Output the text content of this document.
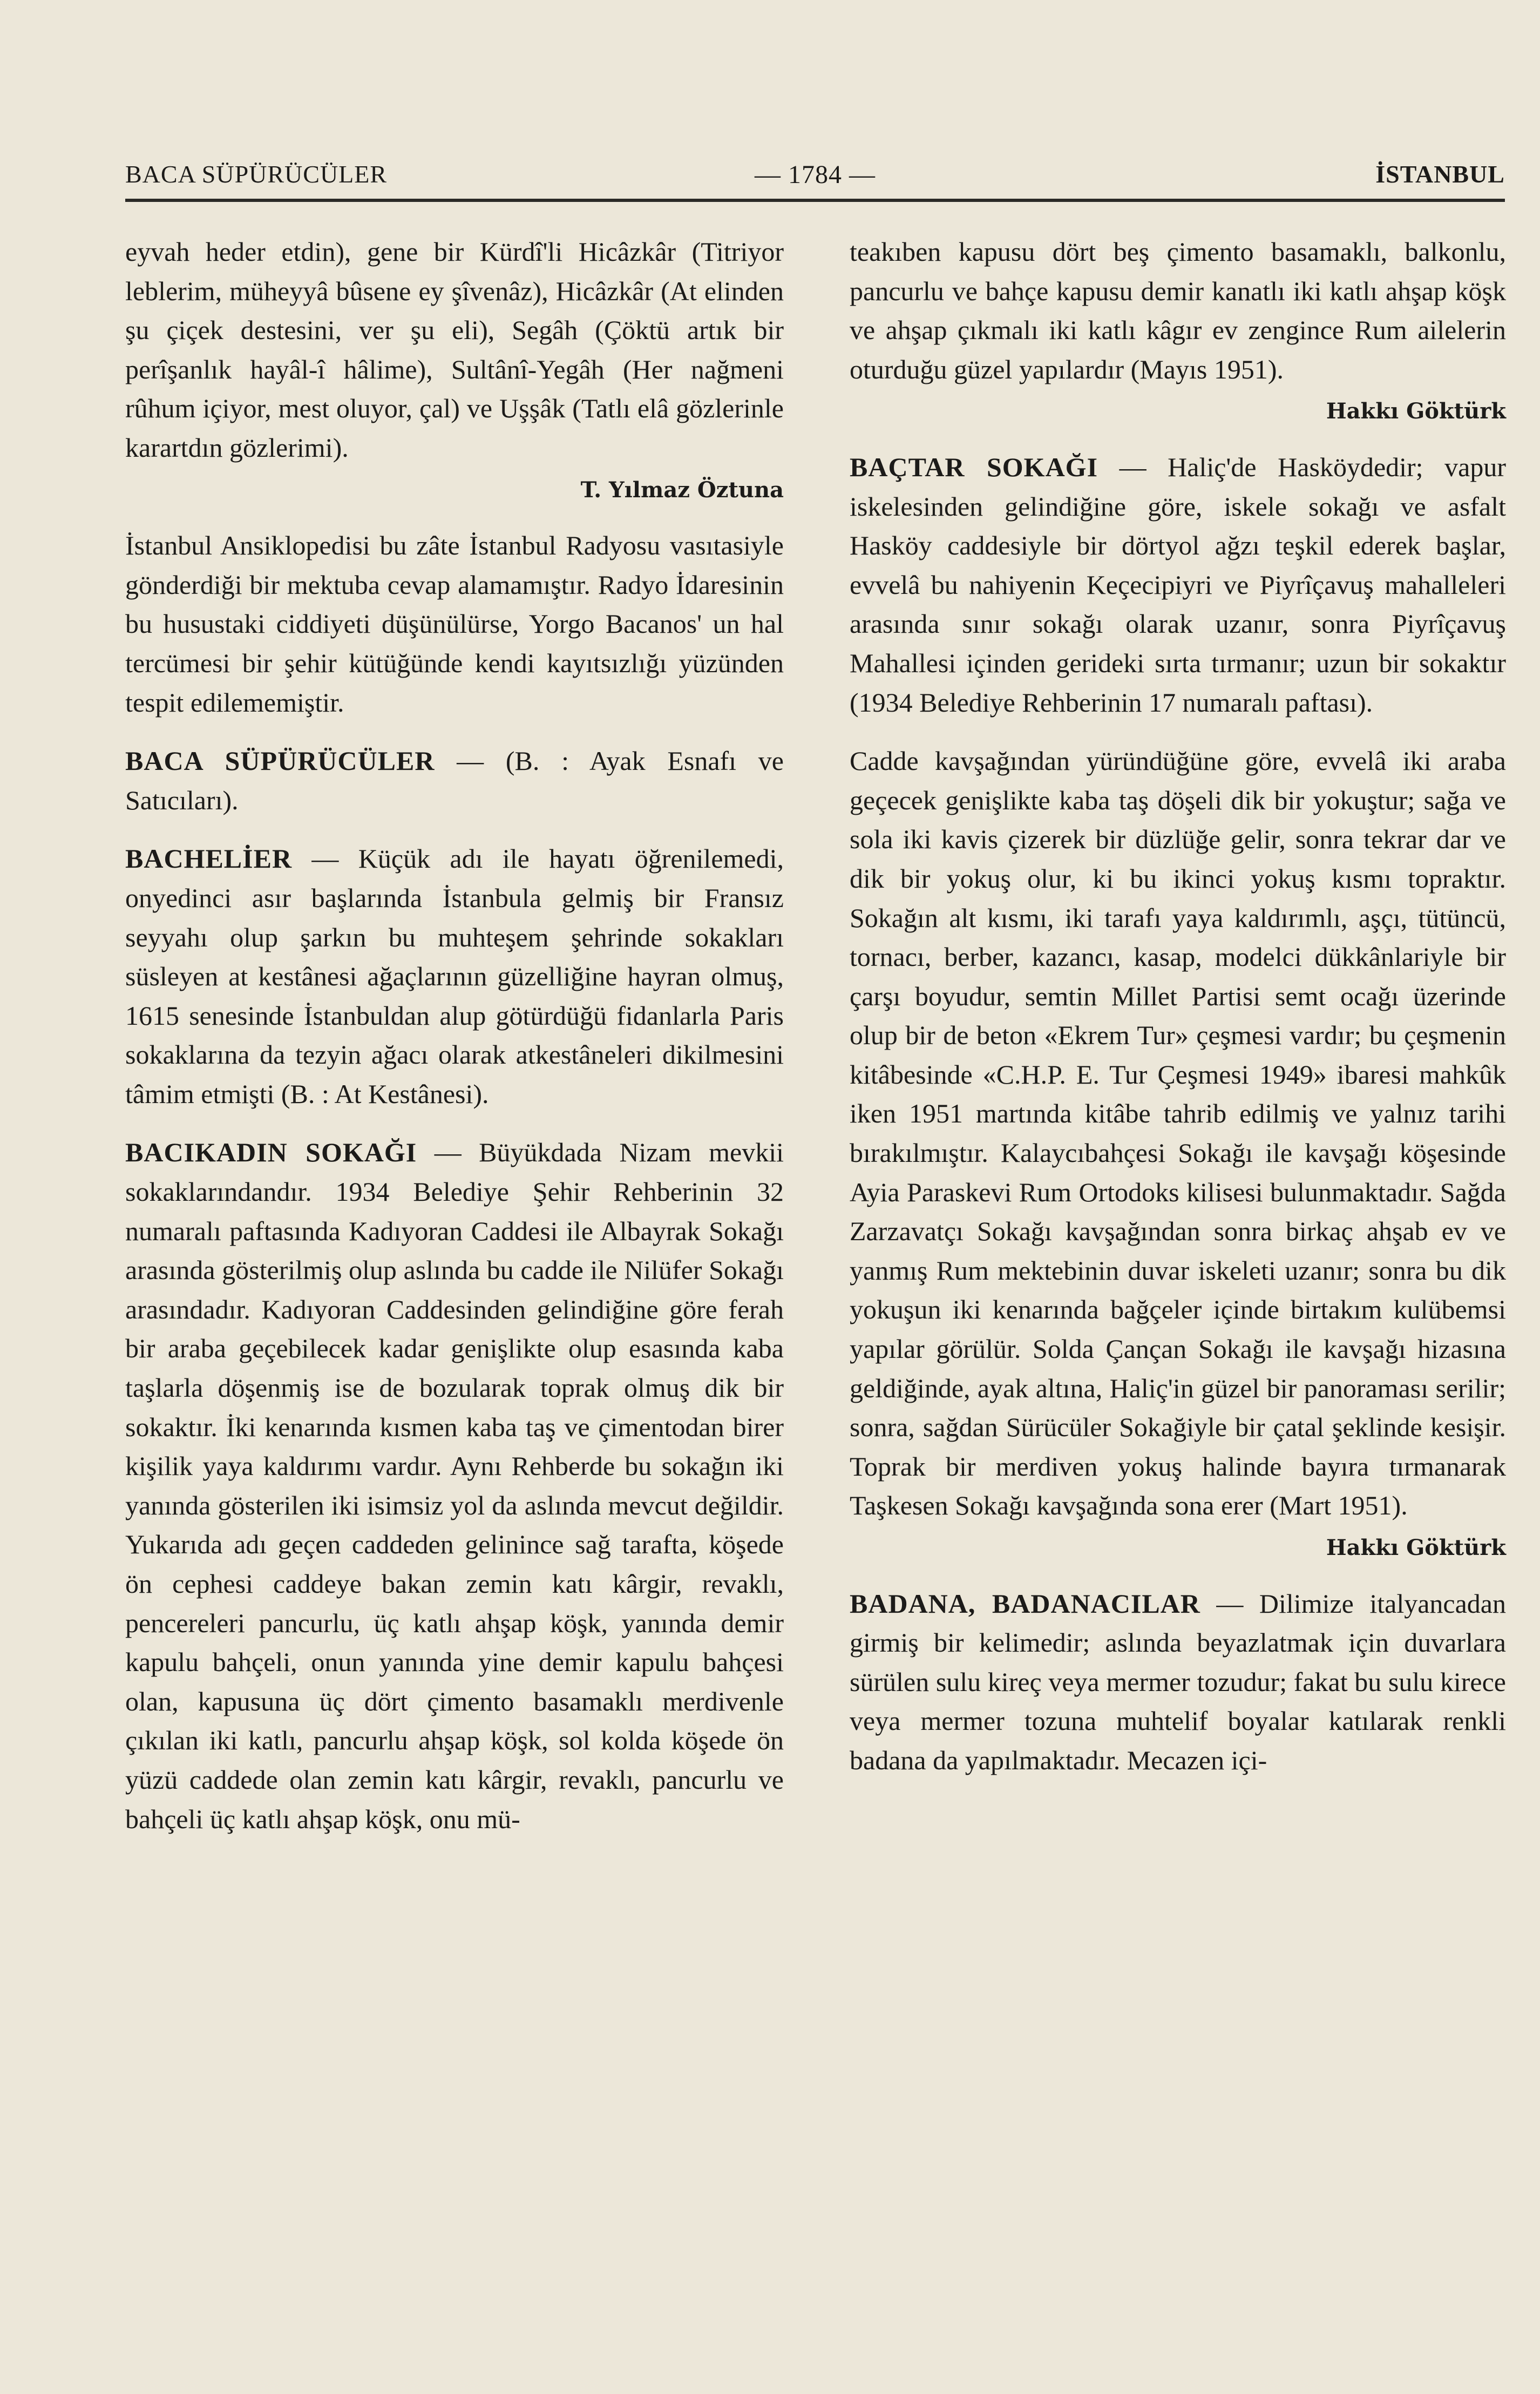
BACA SÜPÜRÜCÜLER	— 1784 —	İSTANBUL

eyvah heder etdin), gene bir Kürdî'li Hicâzkâr (Titriyor leblerim, müheyyâ bûsene ey şîvenâz), Hicâzkâr (At elinden şu çiçek destesini, ver şu eli), Segâh (Çöktü artık bir perîşanlık hayâl-î hâlime), Sultânî-Yegâh (Her nağmeni rûhum içiyor, mest oluyor, çal) ve Uşşâk (Tatlı elâ gözlerinle karartdın gözlerimi).

T. Yılmaz Öztuna

İstanbul Ansiklopedisi bu zâte İstanbul Radyosu vasıtasiyle gönderdiği bir mektuba cevap alamamıştır. Radyo İdaresinin bu husustaki ciddiyeti düşünülürse, Yorgo Bacanos' un hal tercümesi bir şehir kütüğünde kendi kayıtsızlığı yüzünden tespit edilememiştir.

BACA SÜPÜRÜCÜLER — (B. : Ayak Esnafı ve Satıcıları).

BACHELİER — Küçük adı ile hayatı öğrenilemedi, onyedinci asır başlarında İstanbula gelmiş bir Fransız seyyahı olup şarkın bu muhteşem şehrinde sokakları süsleyen at kestânesi ağaçlarının güzelliğine hayran olmuş, 1615 senesinde İstanbuldan alup götürdüğü fidanlarla Paris sokaklarına da tezyin ağacı olarak atkestâneleri dikilmesini tâmim etmişti (B. : At Kestânesi).

BACIKADIN SOKAĞI — Büyükdada Nizam mevkii sokaklarındandır. 1934 Belediye Şehir Rehberinin 32 numaralı paftasında Kadıyoran Caddesi ile Albayrak Sokağı arasında gösterilmiş olup aslında bu cadde ile Nilüfer Sokağı arasındadır. Kadıyoran Caddesinden gelindiğine göre ferah bir araba geçebilecek kadar genişlikte olup esasında kaba taşlarla döşenmiş ise de bozularak toprak olmuş dik bir sokaktır. İki kenarında kısmen kaba taş ve çimentodan birer kişilik yaya kaldırımı vardır. Aynı Rehberde bu sokağın iki yanında gösterilen iki isimsiz yol da aslında mevcut değildir. Yukarıda adı geçen caddeden gelinince sağ tarafta, köşede ön cephesi caddeye bakan zemin katı kârgir, revaklı, pencereleri pancurlu, üç katlı ahşap köşk, yanında demir kapulu bahçeli, onun yanında yine demir kapulu bahçesi olan, kapusuna üç dört çimento basamaklı merdivenle çıkılan iki katlı, pancurlu ahşap köşk, sol kolda köşede ön yüzü caddede olan zemin katı kârgir, revaklı, pancurlu ve bahçeli üç katlı ahşap köşk, onu mü-

teakıben kapusu dört beş çimento basamaklı, balkonlu, pancurlu ve bahçe kapusu demir kanatlı iki katlı ahşap köşk ve ahşap çıkmalı iki katlı kâgır ev zengince Rum ailelerin oturduğu güzel yapılardır (Mayıs 1951).

Hakkı Göktürk

BAÇTAR SOKAĞI — Haliç'de Hasköydedir; vapur iskelesinden gelindiğine göre, iskele sokağı ve asfalt Hasköy caddesiyle bir dörtyol ağzı teşkil ederek başlar, evvelâ bu nahiyenin Keçecipiyri ve Piyrîçavuş mahalleleri arasında sınır sokağı olarak uzanır, sonra Piyrîçavuş Mahallesi içinden gerideki sırta tırmanır; uzun bir sokaktır (1934 Belediye Rehberinin 17 numaralı paftası).

Cadde kavşağından yüründüğüne göre, evvelâ iki araba geçecek genişlikte kaba taş döşeli dik bir yokuştur; sağa ve sola iki kavis çizerek bir düzlüğe gelir, sonra tekrar dar ve dik bir yokuş olur, ki bu ikinci yokuş kısmı topraktır. Sokağın alt kısmı, iki tarafı yaya kaldırımlı, aşçı, tütüncü, tornacı, berber, kazancı, kasap, modelci dükkânlariyle bir çarşı boyudur, semtin Millet Partisi semt ocağı üzerinde olup bir de beton «Ekrem Tur» çeşmesi vardır; bu çeşmenin kitâbesinde «C.H.P. E. Tur Çeşmesi 1949» ibaresi mahkûk iken 1951 martında kitâbe tahrib edilmiş ve yalnız tarihi bırakılmıştır. Kalaycıbahçesi Sokağı ile kavşağı köşesinde Ayia Paraskevi Rum Ortodoks kilisesi bulunmaktadır. Sağda Zarzavatçı Sokağı kavşağından sonra birkaç ahşab ev ve yanmış Rum mektebinin duvar iskeleti uzanır; sonra bu dik yokuşun iki kenarında bağçeler içinde birtakım kulübemsi yapılar görülür. Solda Çançan Sokağı ile kavşağı hizasına geldiğinde, ayak altına, Haliç'in güzel bir panoraması serilir; sonra, sağdan Sürücüler Sokağiyle bir çatal şeklinde kesişir. Toprak bir merdiven yokuş halinde bayıra tırmanarak Taşkesen Sokağı kavşağında sona erer (Mart 1951).

Hakkı Göktürk

BADANA, BADANACILAR — Dilimize italyancadan girmiş bir kelimedir; aslında beyazlatmak için duvarlara sürülen sulu kireç veya mermer tozudur; fakat bu sulu kirece veya mermer tozuna muhtelif boyalar katılarak renkli badana da yapılmaktadır. Mecazen içi-
